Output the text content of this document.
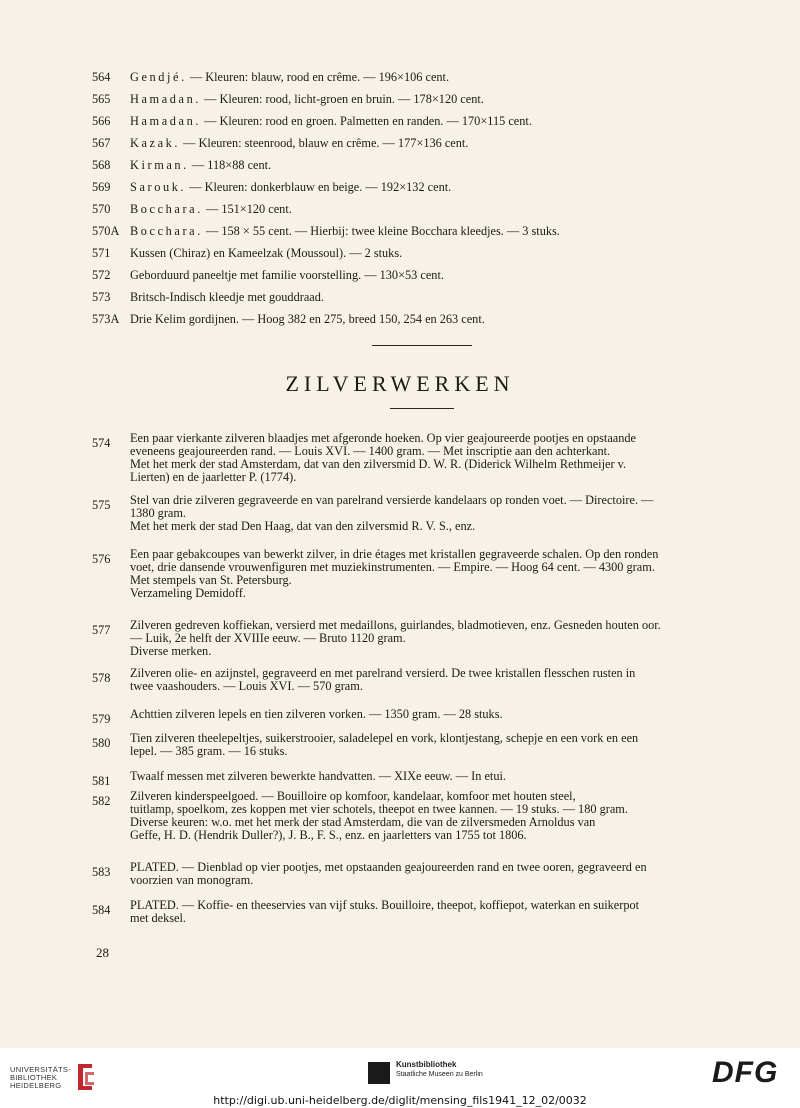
564	Gendjé. — Kleuren: blauw, rood en crême. — 196×106 cent.
565	Hamadan. — Kleuren: rood, licht-groen en bruin. — 178×120 cent.
566	Hamadan. — Kleuren: rood en groen. Palmetten en randen. — 170×115 cent.
567	Kazak. — Kleuren: steenrood, blauw en crême. — 177×136 cent.
568	Kirman. — 118×88 cent.
569	Sarouk. — Kleuren: donkerblauw en beige. — 192×132 cent.
570	Bocchara. — 151×120 cent.
570A Bocchara. — 158 × 55 cent. — Hierbij: twee kleine Bocchara kleedjes. — 3 stuks.
571	Kussen (Chiraz) en Kameelzak (Moussoul). — 2 stuks.
572	Geborduurd paneeltje met familie voorstelling. — 130×53 cent.
573	Britsch-Indisch kleedje met gouddraad.
573A Drie Kelim gordijnen. — Hoog 382 en 275, breed 150, 254 en 263 cent.
ZILVERWERKEN
574	Een paar vierkante zilveren blaadjes met afgeronde hoeken. Op vier geajoureerde pootjes en opstaande
eveneens geajoureerden rand. — Louis XVI. — 1400 gram. — Met inscriptie aan den achterkant.
Met het merk der stad Amsterdam, dat van den zilversmid D. W. R. (Diderick Wilhelm Rethmeijer v.
Lierten) en de jaarletter P. (1774).
575	Stel van drie zilveren gegraveerde en van parelrand versierde kandelaars op ronden voet. — Directoire. —
1380 gram.
Met het merk der stad Den Haag, dat van den zilversmid R. V. S., enz.
576	Een paar gebakcoupes van bewerkt zilver, in drie étages met kristallen gegraveerde schalen. Op den ronden
voet, drie dansende vrouwenfiguren met muziekinstrumenten. — Empire. — Hoog 64 cent. — 4300 gram.
Met stempels van St. Petersburg.
Verzameling Demidoff.
577	Zilveren gedreven koffiekan, versierd met medaillons, guirlandes, bladmotieven, enz. Gesneden houten oor.
— Luik, 2e helft der XVIIIe eeuw. — Bruto 1120 gram.
Diverse merken.
578	Zilveren olie- en azijnstel, gegraveerd en met parelrand versierd. De twee kristallen flesschen rusten in
twee vaashouders. — Louis XVI. — 570 gram.
579	Achttien zilveren lepels en tien zilveren vorken. — 1350 gram. — 28 stuks.
580	Tien zilveren theelepeltjes, suikerstrooier, saladelepel en vork, klontjestang, schepje en een vork en een
lepel. — 385 gram. — 16 stuks.
581	Twaalf messen met zilveren bewerkte handvatten. — XIXe eeuw. — In etui.
582	Zilveren kinderspeelgoed. — Bouilloire op komfoor, kandelaar, komfoor met houten steel,
tuitlamp, spoelkom, zes koppen met vier schotels, theepot en twee kannen. — 19 stuks. — 180 gram.
Diverse keuren: w.o. met het merk der stad Amsterdam, die van de zilversmeden Arnoldus van
Geffe, H. D. (Hendrik Duller?), J. B., F. S., enz. en jaarletters van 1755 tot 1806.
583	PLATED. — Dienblad op vier pootjes, met opstaanden geajoureerden rand en twee ooren, gegraveerd en
voorzien van monogram.
584	PLATED. — Koffie- en theeservies van vijf stuks. Bouilloire, theepot, koffiepot, waterkan en suikerpot
met deksel.
28
UNIVERSITÄTS-
BIBLIOTHEK
HEIDELBERG
Kunstbibliothek
Staatliche Museen zu Berlin	DFG
http://digi.ub.uni-heidelberg.de/diglit/mensing_fils1941_12_02/0032
